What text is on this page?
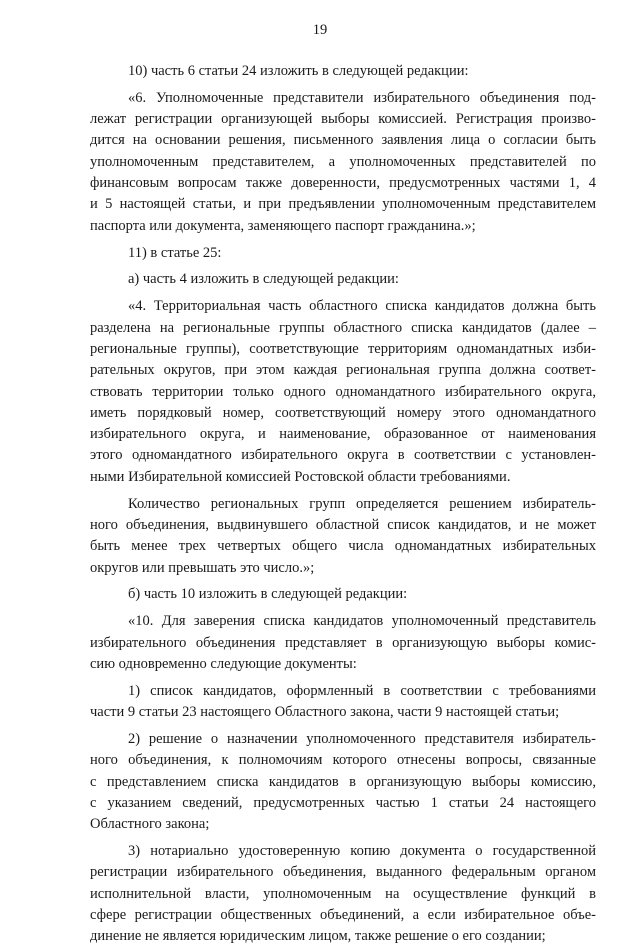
19
10) часть 6 статьи 24 изложить в следующей редакции:
«6. Уполномоченные представители избирательного объединения под-
лежат регистрации организующей выборы комиссией. Регистрация произво-
дится на основании решения, письменного заявления лица о согласии быть
уполномоченным представителем, а уполномоченных представителей по
финансовым вопросам также доверенности, предусмотренных частями 1, 4
и 5 настоящей статьи, и при предъявлении уполномоченным представителем
паспорта или документа, заменяющего паспорт гражданина.»;
11) в статье 25:
а) часть 4 изложить в следующей редакции:
«4. Территориальная часть областного списка кандидатов должна быть
разделена на региональные группы областного списка кандидатов (далее –
региональные группы), соответствующие территориям одномандатных изби-
рательных округов, при этом каждая региональная группа должна соответ-
ствовать территории только одного одномандатного избирательного округа,
иметь порядковый номер, соответствующий номеру этого одномандатного
избирательного округа, и наименование, образованное от наименования
этого одномандатного избирательного округа в соответствии с установлен-
ными Избирательной комиссией Ростовской области требованиями.
Количество региональных групп определяется решением избиратель-
ного объединения, выдвинувшего областной список кандидатов, и не может
быть менее трех четвертых общего числа одномандатных избирательных
округов или превышать это число.»;
б) часть 10 изложить в следующей редакции:
«10. Для заверения списка кандидатов уполномоченный представитель
избирательного объединения представляет в организующую выборы комис-
сию одновременно следующие документы:
1) список кандидатов, оформленный в соответствии с требованиями
части 9 статьи 23 настоящего Областного закона, части 9 настоящей статьи;
2) решение о назначении уполномоченного представителя избиратель-
ного объединения, к полномочиям которого отнесены вопросы, связанные
с представлением списка кандидатов в организующую выборы комиссию,
с указанием сведений, предусмотренных частью 1 статьи 24 настоящего
Областного закона;
3) нотариально удостоверенную копию документа о государственной
регистрации избирательного объединения, выданного федеральным органом
исполнительной власти, уполномоченным на осуществление функций в
сфере регистрации общественных объединений, а если избирательное объе-
динение не является юридическим лицом, также решение о его создании;
